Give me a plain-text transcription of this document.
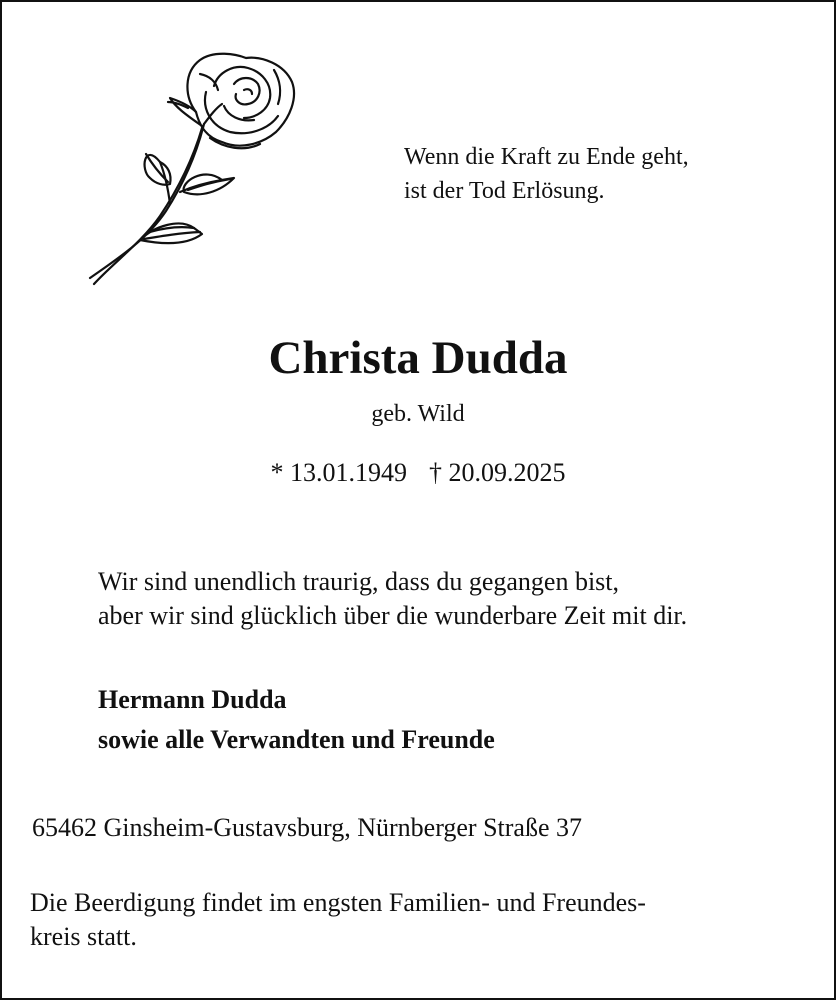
Wenn die Kraft zu Ende geht,
ist der Tod Erlösung.
Christa Dudda
geb. Wild
* 13.01.1949 † 20.09.2025
Wir sind unendlich traurig, dass du gegangen bist,
aber wir sind glücklich über die wunderbare Zeit mit dir.
Hermann Dudda
sowie alle Verwandten und Freunde
65462 Ginsheim-Gustavsburg, Nürnberger Straße 37
Die Beerdigung findet im engsten Familien- und Freundes-
kreis statt.
